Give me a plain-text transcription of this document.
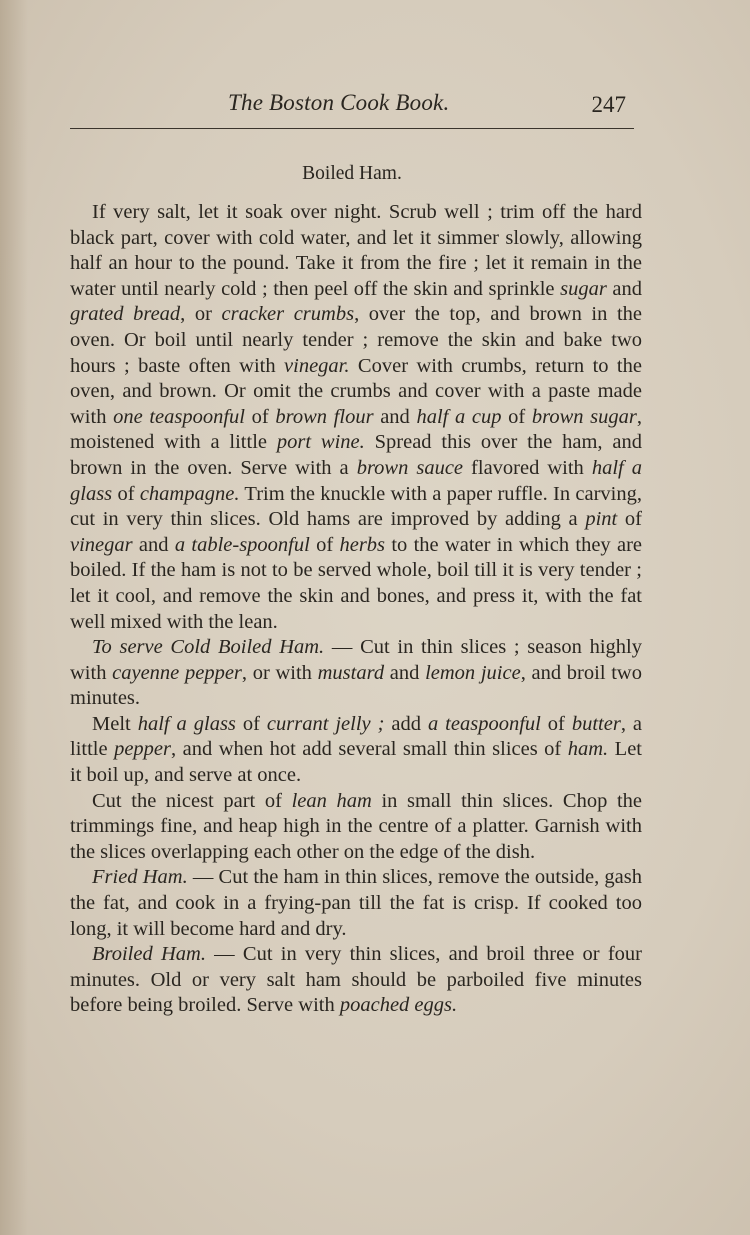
The Boston Cook Book.	247
Boiled Ham.

If very salt, let it soak over night. Scrub well ; trim off the hard black part, cover with cold water, and let it simmer slowly, allowing half an hour to the pound. Take it from the fire ; let it remain in the water until nearly cold ; then peel off the skin and sprinkle sugar and grated bread, or cracker crumbs, over the top, and brown in the oven. Or boil until nearly tender ; remove the skin and bake two hours ; baste often with vinegar. Cover with crumbs, return to the oven, and brown. Or omit the crumbs and cover with a paste made with one teaspoonful of brown flour and half a cup of brown sugar, moistened with a little port wine. Spread this over the ham, and brown in the oven. Serve with a brown sauce flavored with half a glass of champagne. Trim the knuckle with a paper ruffle. In carving, cut in very thin slices. Old hams are improved by adding a pint of vinegar and a table-spoonful of herbs to the water in which they are boiled. If the ham is not to be served whole, boil till it is very tender ; let it cool, and remove the skin and bones, and press it, with the fat well mixed with the lean.

To serve Cold Boiled Ham. — Cut in thin slices ; season highly with cayenne pepper, or with mustard and lemon juice, and broil two minutes.

Melt half a glass of currant jelly ; add a teaspoonful of butter, a little pepper, and when hot add several small thin slices of ham. Let it boil up, and serve at once.

Cut the nicest part of lean ham in small thin slices. Chop the trimmings fine, and heap high in the centre of a platter. Garnish with the slices overlapping each other on the edge of the dish.

Fried Ham. — Cut the ham in thin slices, remove the outside, gash the fat, and cook in a frying-pan till the fat is crisp. If cooked too long, it will become hard and dry.

Broiled Ham. — Cut in very thin slices, and broil three or four minutes. Old or very salt ham should be parboiled five minutes before being broiled. Serve with poached eggs.
